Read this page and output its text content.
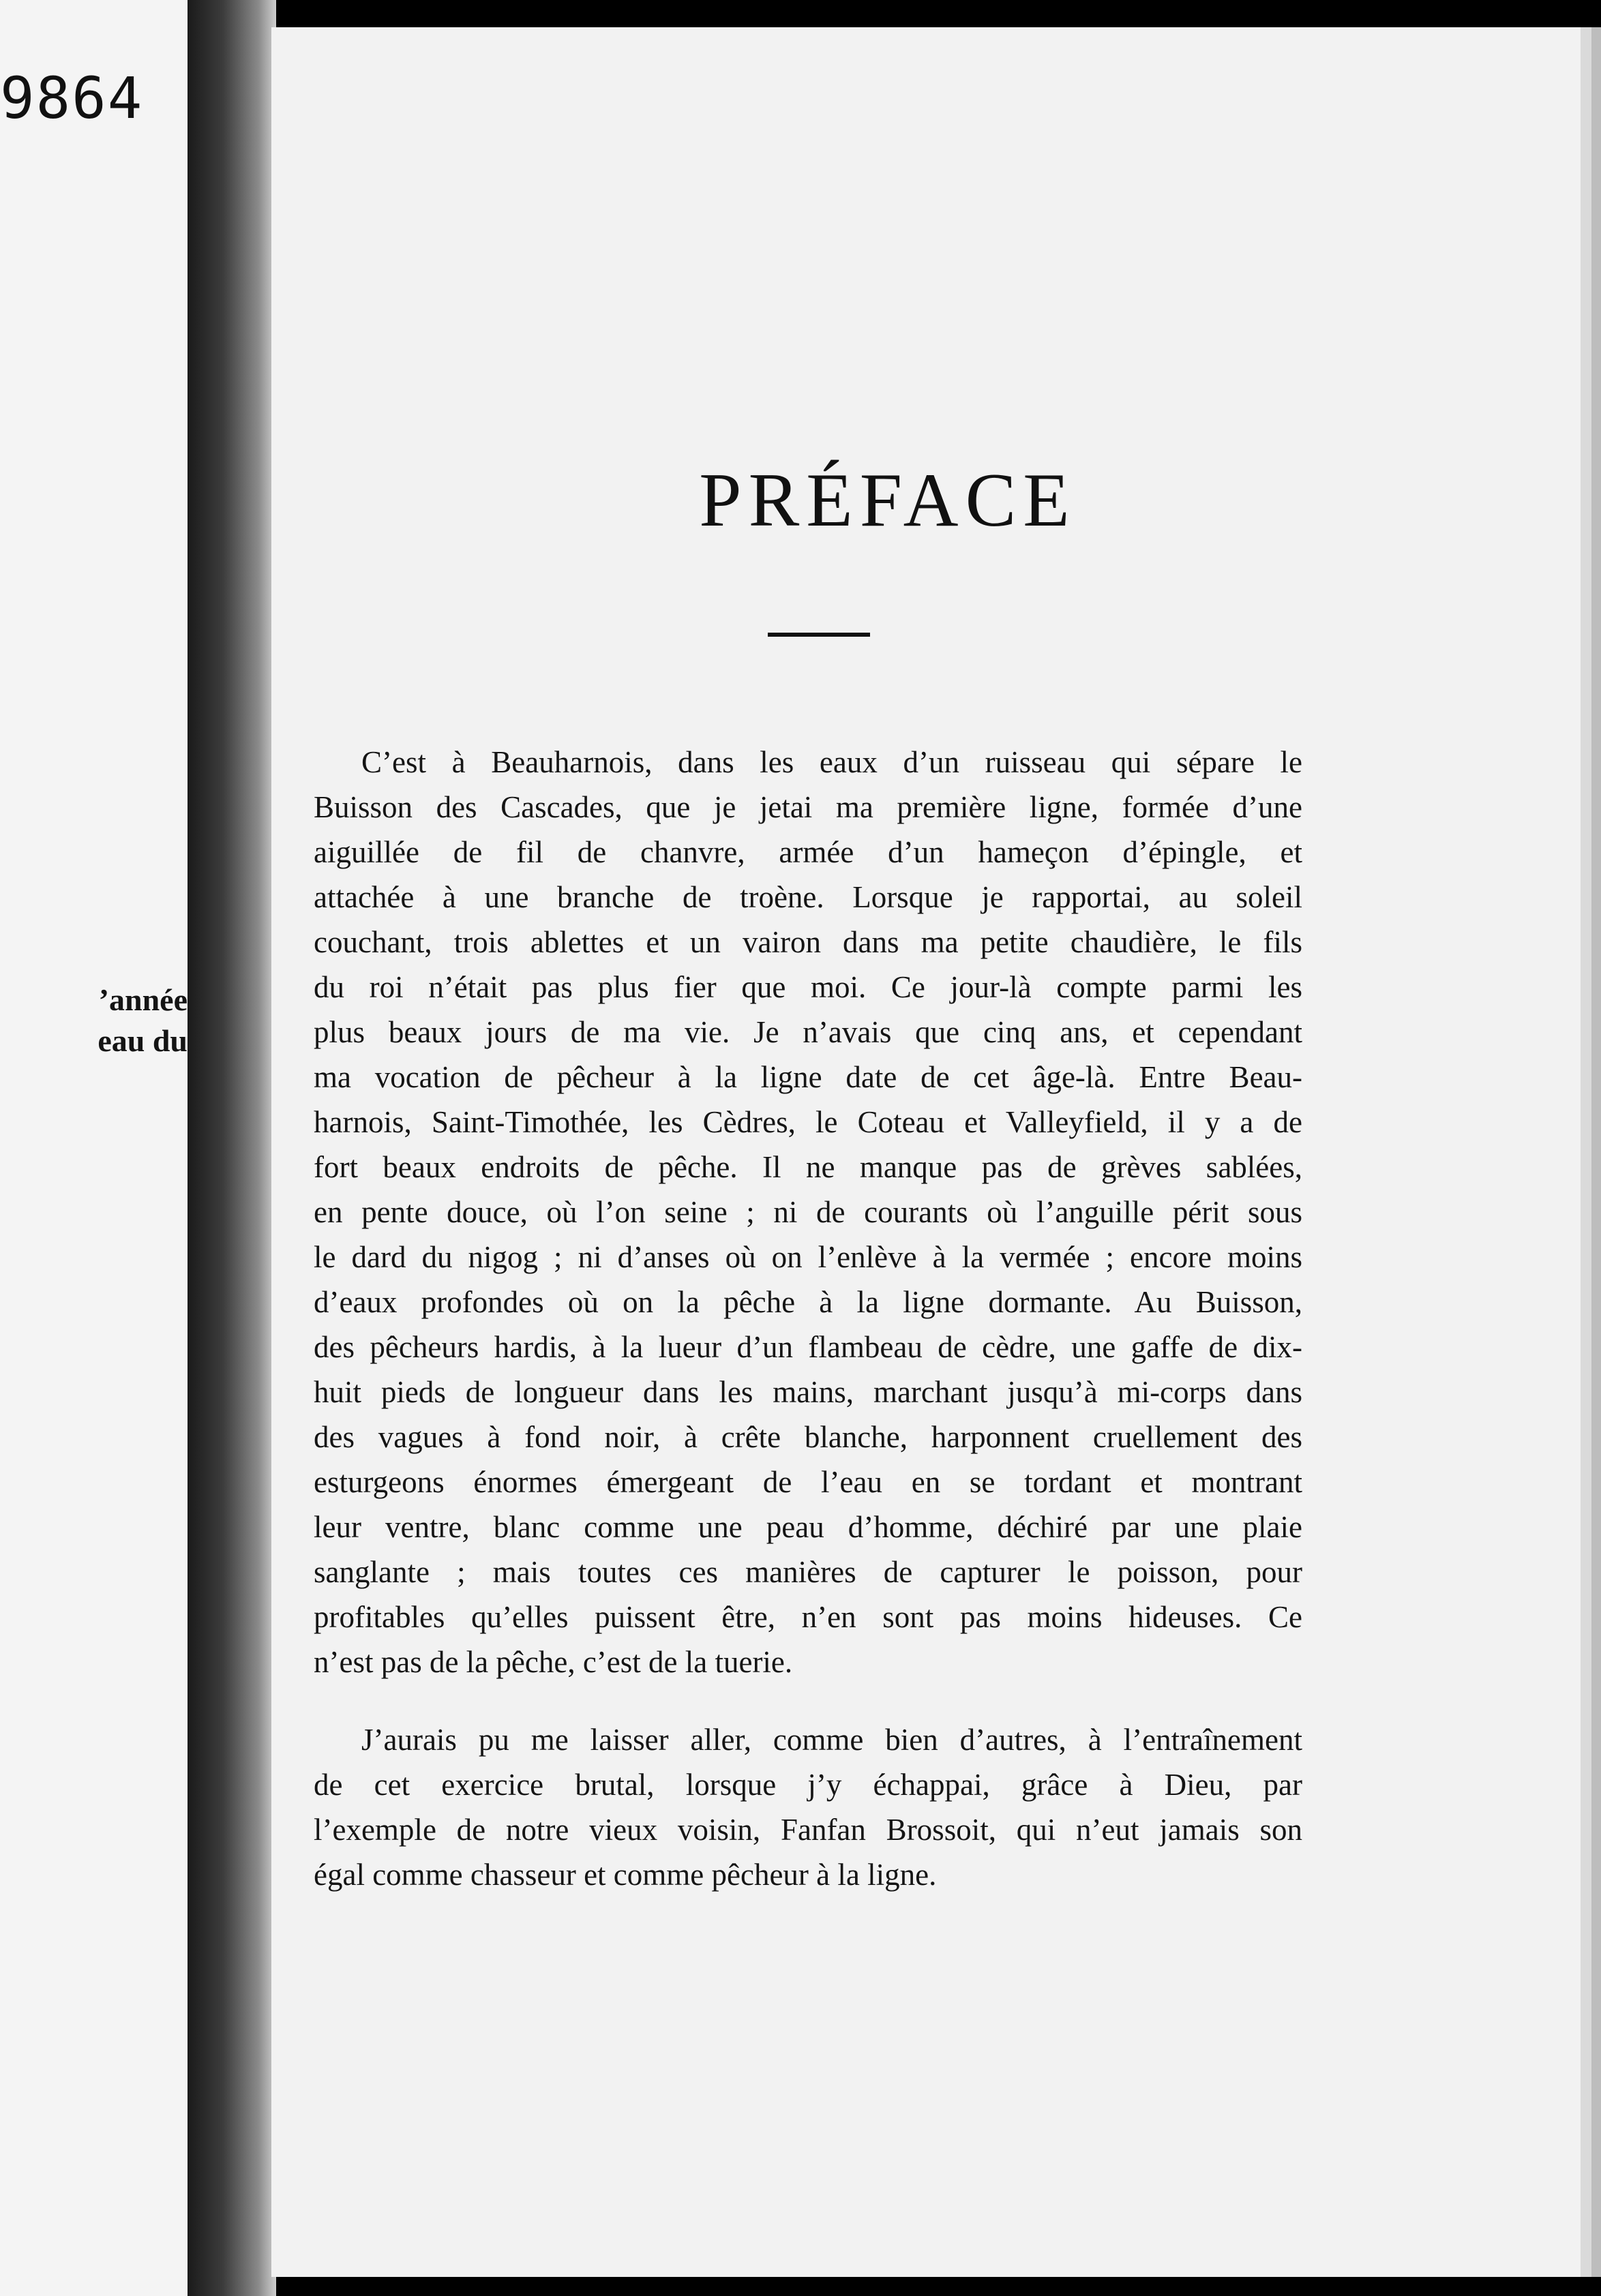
9864
’année
eau du
PRÉFACE
C’est à Beauharnois, dans les eaux d’un ruisseau qui sépare le
Buisson des Cascades, que je jetai ma première ligne, formée d’une
aiguillée de fil de chanvre, armée d’un hameçon d’épingle, et
attachée à une branche de troène. Lorsque je rapportai, au soleil
couchant, trois ablettes et un vairon dans ma petite chaudière, le fils
du roi n’était pas plus fier que moi. Ce jour-là compte parmi les
plus beaux jours de ma vie. Je n’avais que cinq ans, et cependant
ma vocation de pêcheur à la ligne date de cet âge-là. Entre Beau-
harnois, Saint-Timothée, les Cèdres, le Coteau et Valleyfield, il y a de
fort beaux endroits de pêche. Il ne manque pas de grèves sablées,
en pente douce, où l’on seine ; ni de courants où l’anguille périt sous
le dard du nigog ; ni d’anses où on l’enlève à la vermée ; encore moins
d’eaux profondes où on la pêche à la ligne dormante. Au Buisson,
des pêcheurs hardis, à la lueur d’un flambeau de cèdre, une gaffe de dix-
huit pieds de longueur dans les mains, marchant jusqu’à mi-corps dans
des vagues à fond noir, à crête blanche, harponnent cruellement des
esturgeons énormes émergeant de l’eau en se tordant et montrant
leur ventre, blanc comme une peau d’homme, déchiré par une plaie
sanglante ; mais toutes ces manières de capturer le poisson, pour
profitables qu’elles puissent être, n’en sont pas moins hideuses. Ce
n’est pas de la pêche, c’est de la tuerie.
J’aurais pu me laisser aller, comme bien d’autres, à l’entraînement
de cet exercice brutal, lorsque j’y échappai, grâce à Dieu, par
l’exemple de notre vieux voisin, Fanfan Brossoit, qui n’eut jamais son
égal comme chasseur et comme pêcheur à la ligne.
